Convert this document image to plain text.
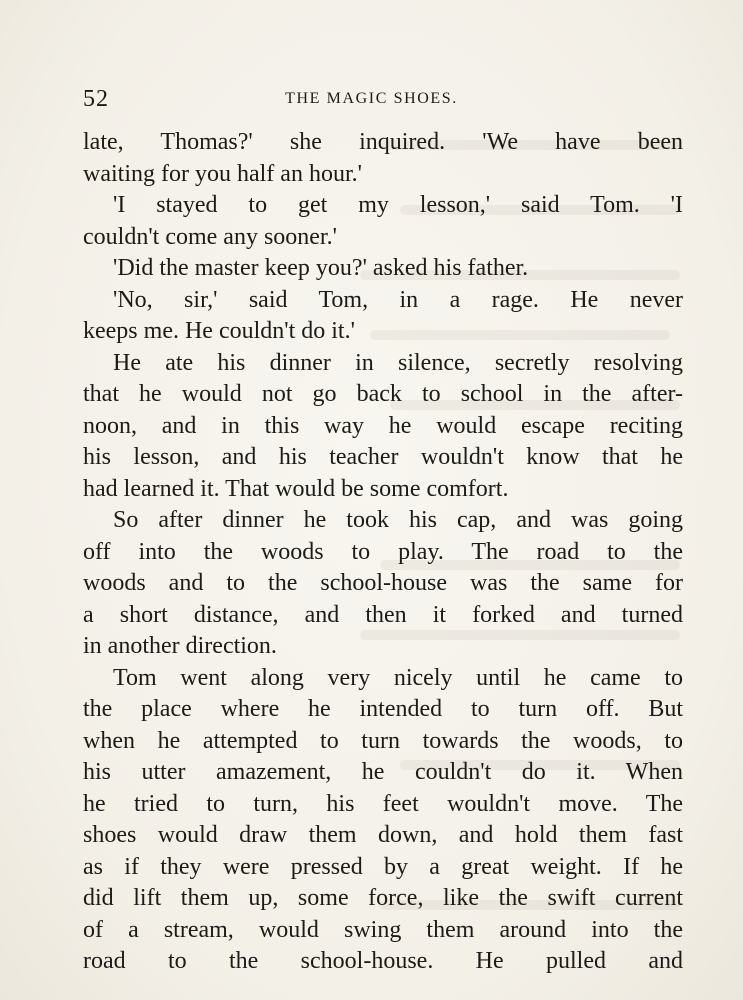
52	THE MAGIC SHOES.
late, Thomas?' she inquired. 'We have been
waiting for you half an hour.'
'I stayed to get my lesson,' said Tom. 'I
couldn't come any sooner.'
'Did the master keep you?' asked his father.
'No, sir,' said Tom, in a rage. He never
keeps me. He couldn't do it.'
He ate his dinner in silence, secretly resolving
that he would not go back to school in the after-
noon, and in this way he would escape reciting
his lesson, and his teacher wouldn't know that he
had learned it. That would be some comfort.
So after dinner he took his cap, and was going
off into the woods to play. The road to the
woods and to the school-house was the same for
a short distance, and then it forked and turned
in another direction.
Tom went along very nicely until he came to
the place where he intended to turn off. But
when he attempted to turn towards the woods, to
his utter amazement, he couldn't do it. When
he tried to turn, his feet wouldn't move. The
shoes would draw them down, and hold them fast
as if they were pressed by a great weight. If he
did lift them up, some force, like the swift current
of a stream, would swing them around into the
road to the school-house. He pulled and
